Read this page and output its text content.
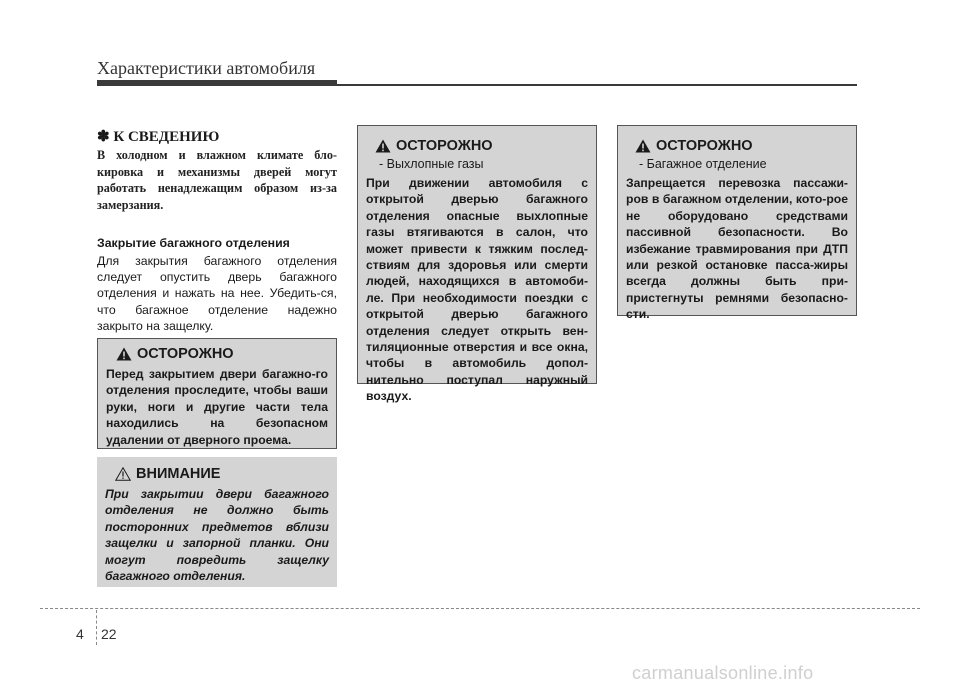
Характеристики автомобиля
✽ К СВЕДЕНИЮ
В холодном и влажном климате бло-кировка и механизмы дверей могут работать ненадлежащим образом из-за замерзания.
Закрытие багажного отделения
Для закрытия багажного отделения следует опустить дверь багажного отделения и нажать на нее. Убедить-ся, что багажное отделение надежно закрыто на защелку.
ОСТОРОЖНО
Перед закрытием двери багажно-го отделения проследите, чтобы ваши руки, ноги и другие части тела находились на безопасном удалении от дверного проема.
ВНИМАНИЕ
При закрытии двери багажного отделения не должно быть посторонних предметов вблизи защелки и запорной планки. Они могут повредить защелку багажного отделения.
ОСТОРОЖНО
- Выхлопные газы
При движении автомобиля с открытой дверью багажного отделения опасные выхлопные газы втягиваются в салон, что может привести к тяжким послед-ствиям для здоровья или смерти людей, находящихся в автомоби-ле. При необходимости поездки с открытой дверью багажного отделения следует открыть вен-тиляционные отверстия и все окна, чтобы в автомобиль допол-нительно поступал наружный воздух.
ОСТОРОЖНО
- Багажное отделение
Запрещается перевозка пассажи-ров в багажном отделении, кото-рое не оборудовано средствами пассивной безопасности. Во избежание травмирования при ДТП или резкой остановке пасса-жиры всегда должны быть при-пристегнуты ремнями безопасно-сти.
4 22
carmanualsonline.info
